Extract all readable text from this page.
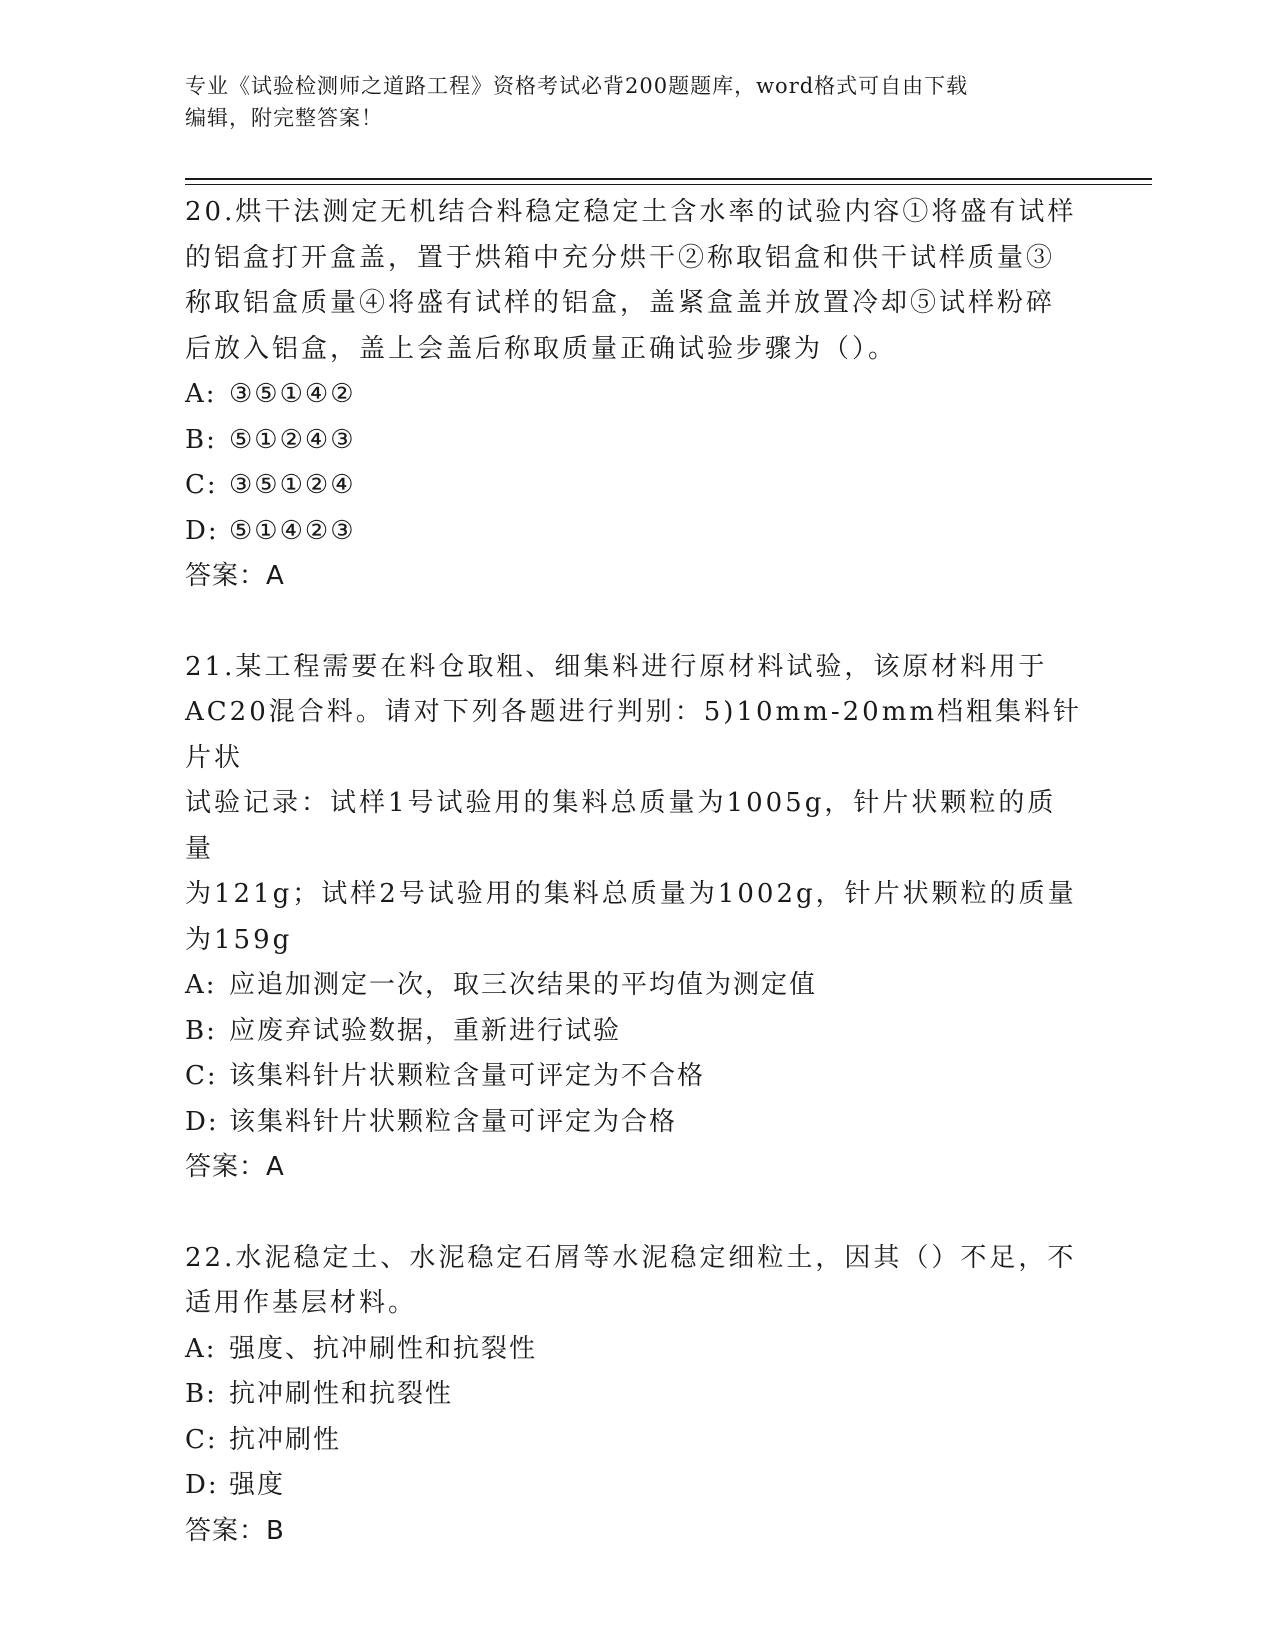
专业《试验检测师之道路工程》资格考试必背200题题库，word格式可自由下载
编辑，附完整答案！

20.烘干法测定无机结合料稳定稳定土含水率的试验内容①将盛有试样

的铝盒打开盒盖，置于烘箱中充分烘干②称取铝盒和供干试样质量③

称取铝盒质量④将盛有试样的铝盒，盖紧盒盖并放置冷却⑤试样粉碎

后放入铝盒，盖上会盖后称取质量正确试验步骤为（）。

A: ③⑤①④②

B: ⑤①②④③

C: ③⑤①②④

D: ⑤①④②③

答案：A

21.某工程需要在料仓取粗、细集料进行原材料试验，该原材料用于

AC20混合料。请对下列各题进行判别：5)10mm-20mm档粗集料针片状

试验记录：试样1号试验用的集料总质量为1005g，针片状颗粒的质量

为121g；试样2号试验用的集料总质量为1002g，针片状颗粒的质量

为159g

A: 应追加测定一次，取三次结果的平均值为测定值

B: 应废弃试验数据，重新进行试验

C: 该集料针片状颗粒含量可评定为不合格

D: 该集料针片状颗粒含量可评定为合格

答案：A

22.水泥稳定土、水泥稳定石屑等水泥稳定细粒土，因其（）不足，不

适用作基层材料。

A: 强度、抗冲刷性和抗裂性

B: 抗冲刷性和抗裂性

C: 抗冲刷性

D: 强度

答案：B
